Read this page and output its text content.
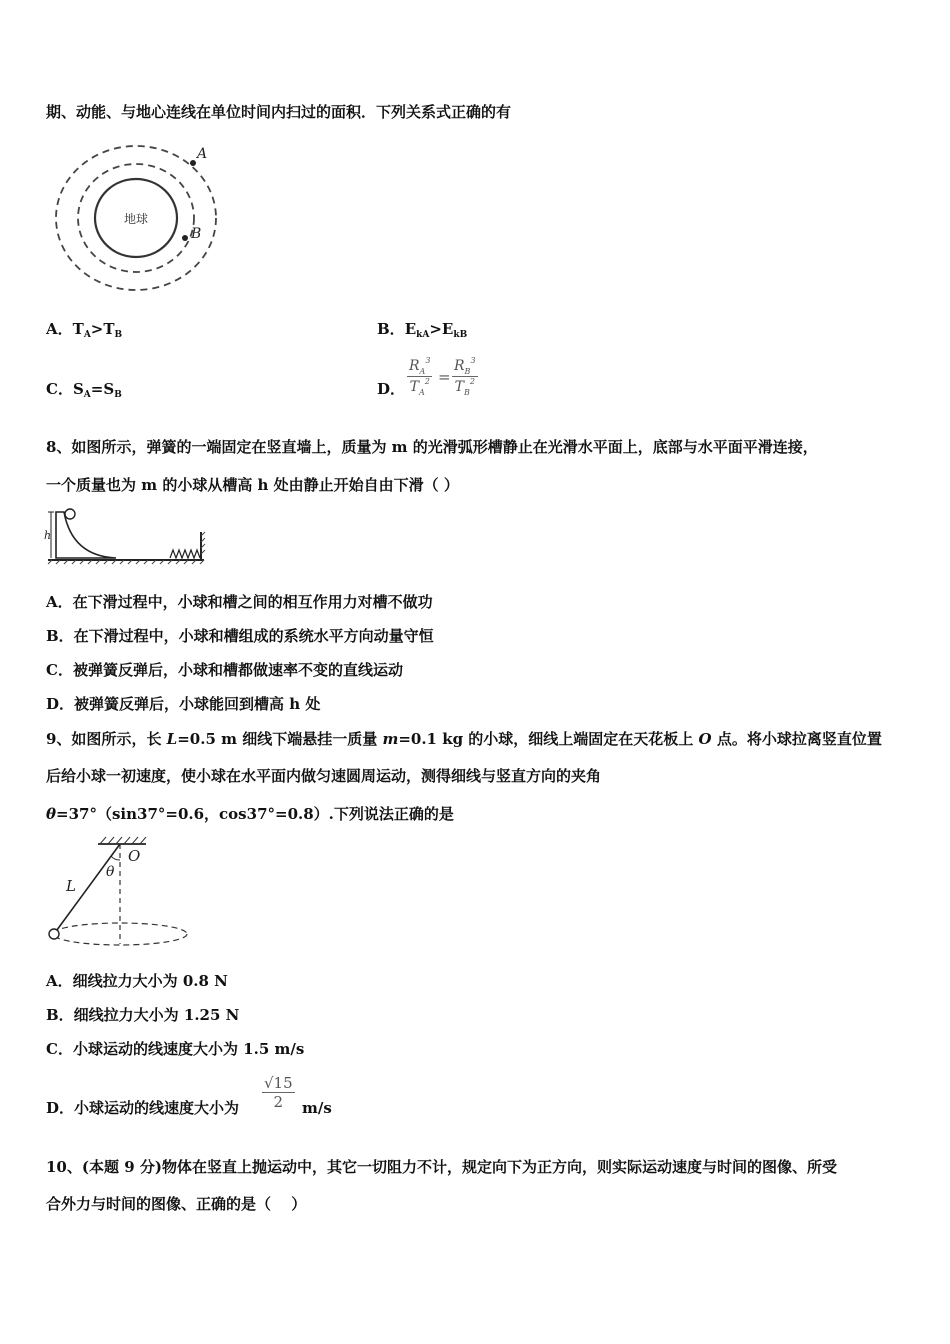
期、动能、与地心连线在单位时间内扫过的面积．下列关系式正确的有
地球
A
B
A．$T_A>T_B$	B．$E_{kA}>E_{kB}$
C．$S_A=S_B$	D．
$R_A^3$
$T_A^2$ =
$R_B^3$
$T_B^2$
8、如图所示，弹簧的一端固定在竖直墙上，质量为 m 的光滑弧形槽静止在光滑水平面上，底部与水平面平滑连接，
一个质量也为 m 的小球从槽高 h 处由静止开始自由下滑（ ）
h
A．在下滑过程中，小球和槽之间的相互作用力对槽不做功
B．在下滑过程中，小球和槽组成的系统水平方向动量守恒
C．被弹簧反弹后，小球和槽都做速率不变的直线运动
D．被弹簧反弹后，小球能回到槽高 h 处
9、如图所示，长 L=0.5 m 细线下端悬挂一质量 m=0.1 kg 的小球，细线上端固定在天花板上 O 点。将小球拉离竖直位置
后给小球一初速度，使小球在水平面内做匀速圆周运动，测得细线与竖直方向的夹角
θ=37°（sin37°=0.6，cos37°=0.8）.下列说法正确的是
O
θ
L
A．细线拉力大小为 0.8 N
B．细线拉力大小为 1.25 N
C．小球运动的线速度大小为 1.5 m/s
D．小球运动的线速度大小为
√15
2 m/s
10、(本题 9 分)物体在竖直上抛运动中，其它一切阻力不计，规定向下为正方向，则实际运动速度与时间的图像、所受
合外力与时间的图像、正确的是（　 ）
